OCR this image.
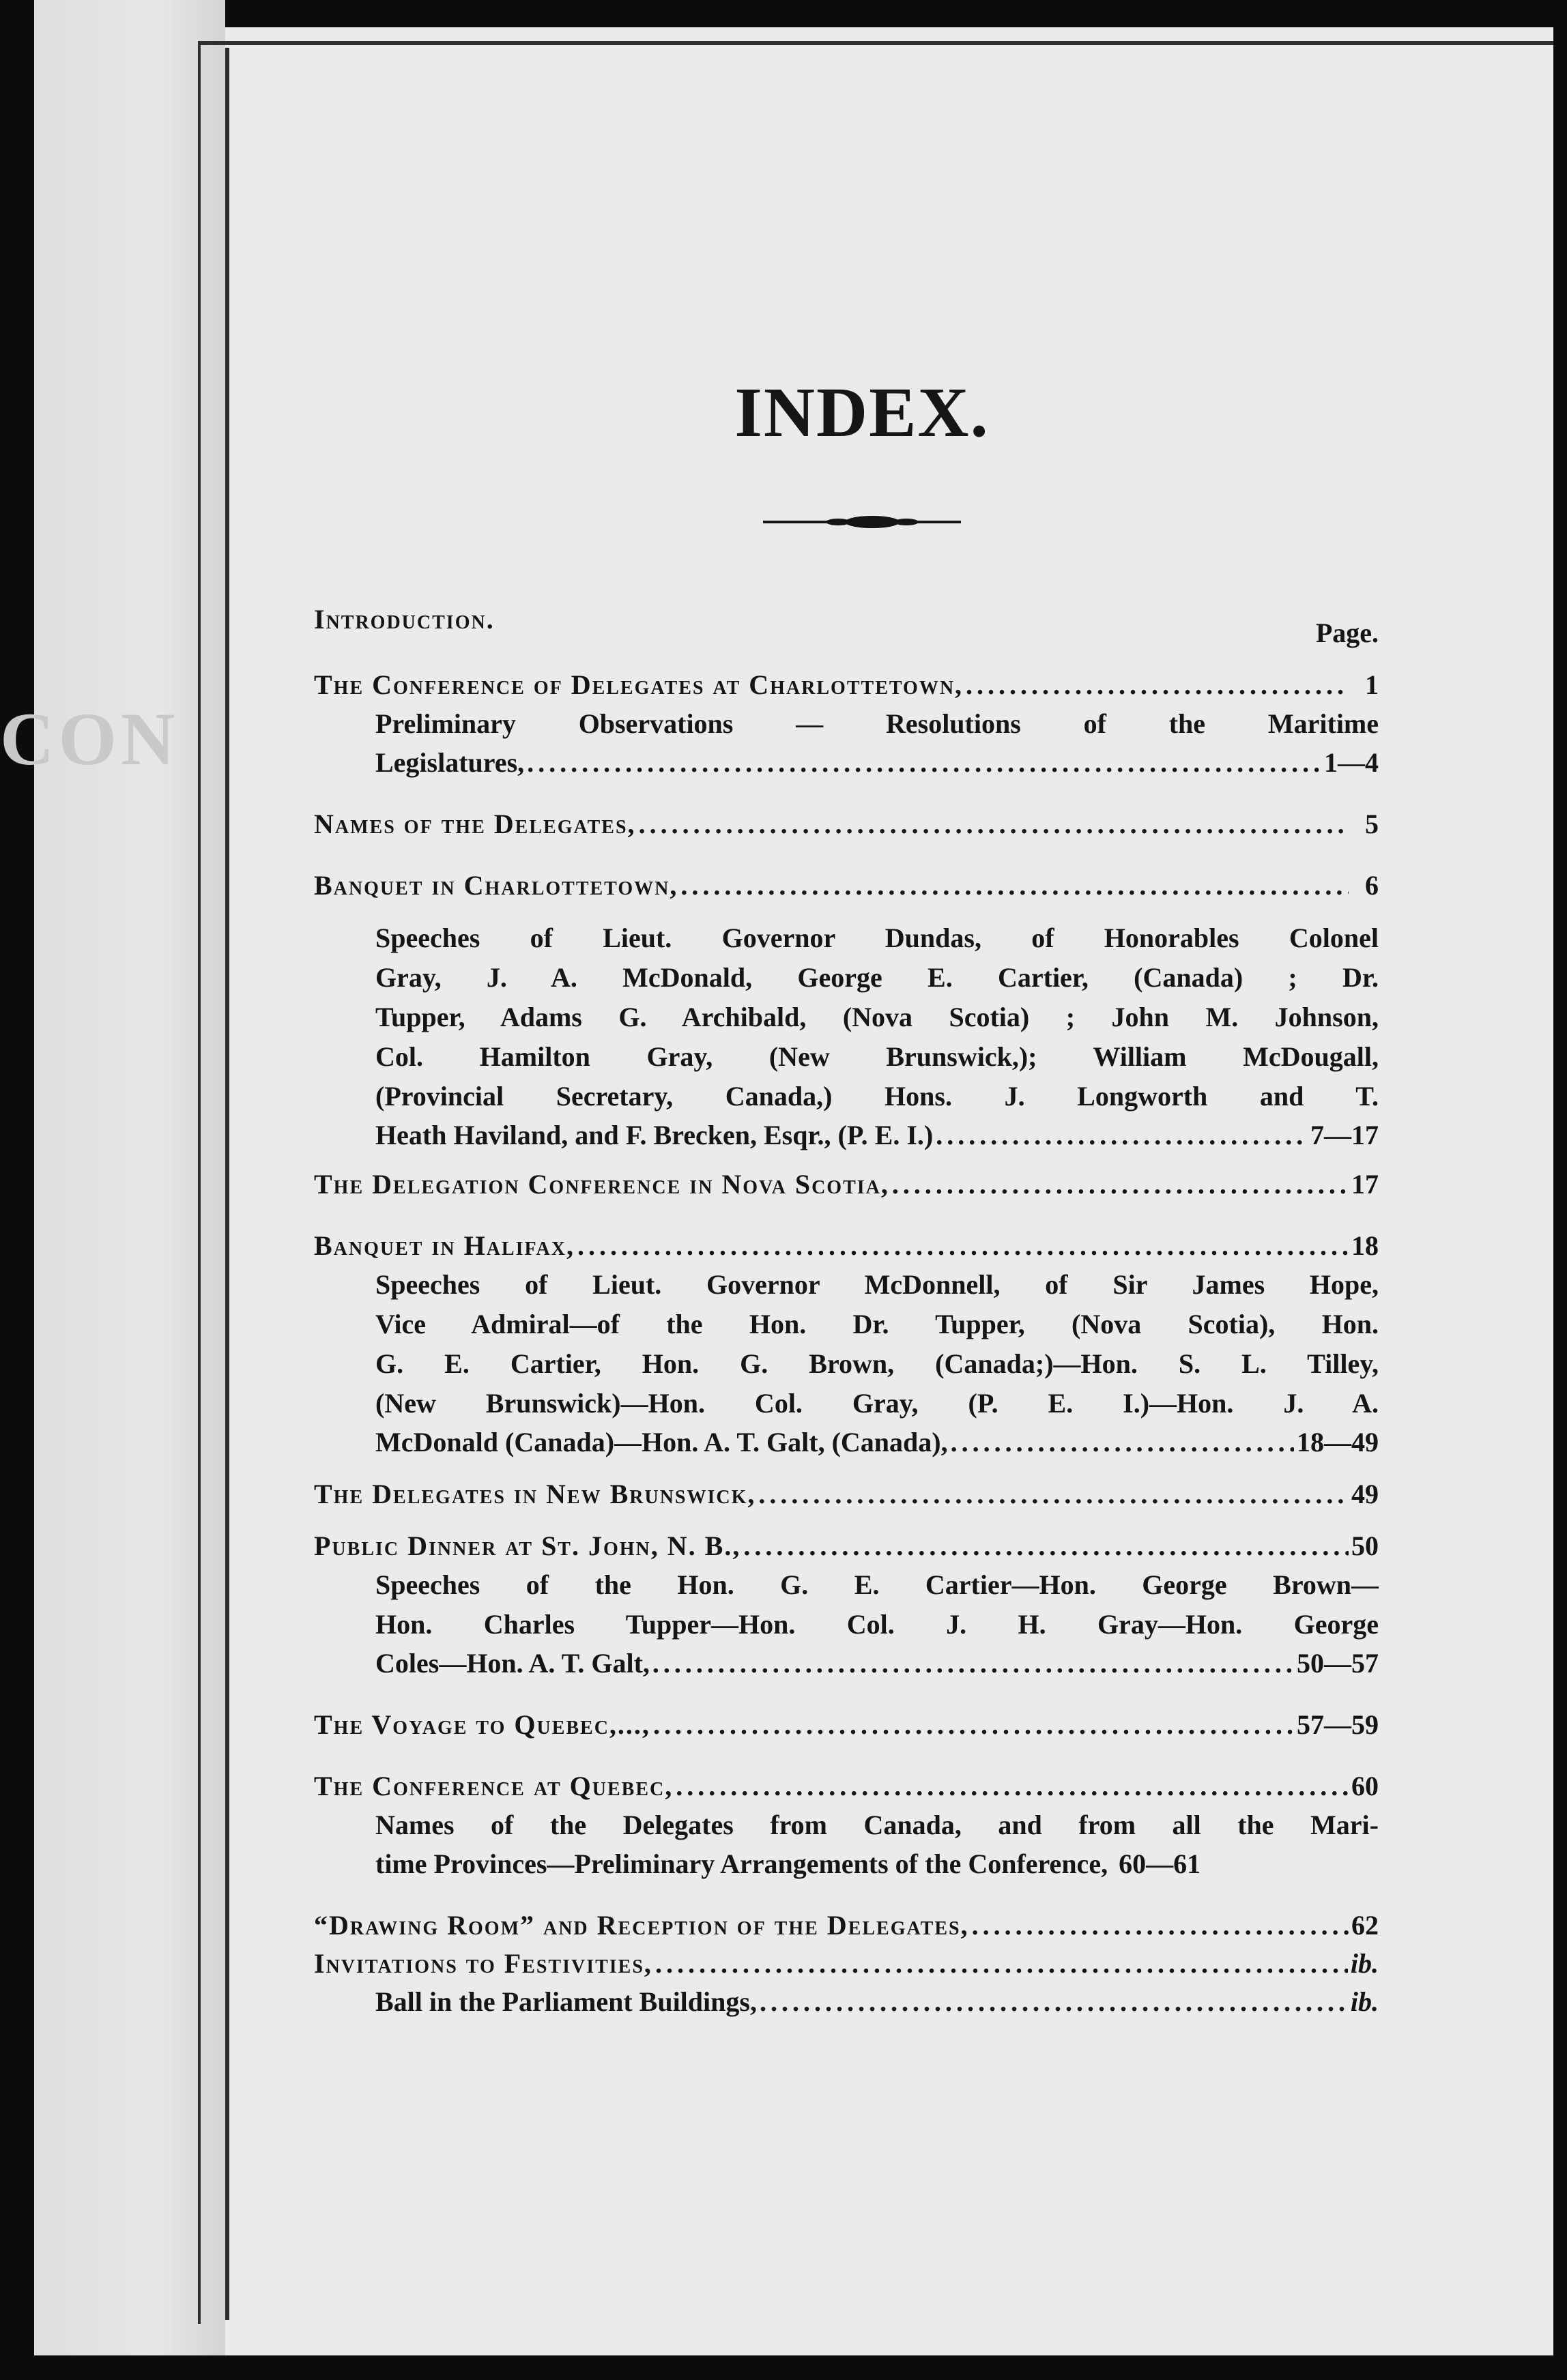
CON
INDEX.
Introduction.	Page.
The Conference of Delegates at Charlottetown, .....	1
Preliminary Observations — Resolutions of the Maritime
Legislatures, .....	1—4
Names of the Delegates, .....	5
Banquet in Charlottetown, .....	6
Speeches of Lieut. Governor Dundas, of Honorables Colonel
Gray, J. A. McDonald, George E. Cartier, (Canada) ; Dr.
Tupper, Adams G. Archibald, (Nova Scotia) ; John M. Johnson,
Col. Hamilton Gray, (New Brunswick,); William McDougall,
(Provincial Secretary, Canada,) Hons. J. Longworth and T.
Heath Haviland, and F. Brecken, Esqr., (P. E. I.) .....	7—17
The Delegation Conference in Nova Scotia, .....	17
Banquet in Halifax, .....	18
Speeches of Lieut. Governor McDonnell, of Sir James Hope,
Vice Admiral—of the Hon. Dr. Tupper, (Nova Scotia), Hon.
G. E. Cartier, Hon. G. Brown, (Canada;)—Hon. S. L. Tilley,
(New Brunswick)—Hon. Col. Gray, (P. E. I.)—Hon. J. A.
McDonald (Canada)—Hon. A. T. Galt, (Canada), .....	18—49
The Delegates in New Brunswick, .....	49
Public Dinner at St. John, N. B., .....	50
Speeches of the Hon. G. E. Cartier—Hon. George Brown—
Hon. Charles Tupper—Hon. Col. J. H. Gray—Hon. George
Coles—Hon. A. T. Galt, .....	50—57
The Voyage to Quebec,..., .....	57—59
The Conference at Quebec, .....	60
Names of the Delegates from Canada, and from all the Mari-
time Provinces—Preliminary Arrangements of the Conference, 60—61
“Drawing Room” and Reception of the Delegates, .....	62
Invitations to Festivities, .....	ib.
Ball in the Parliament Buildings, .....	ib.
